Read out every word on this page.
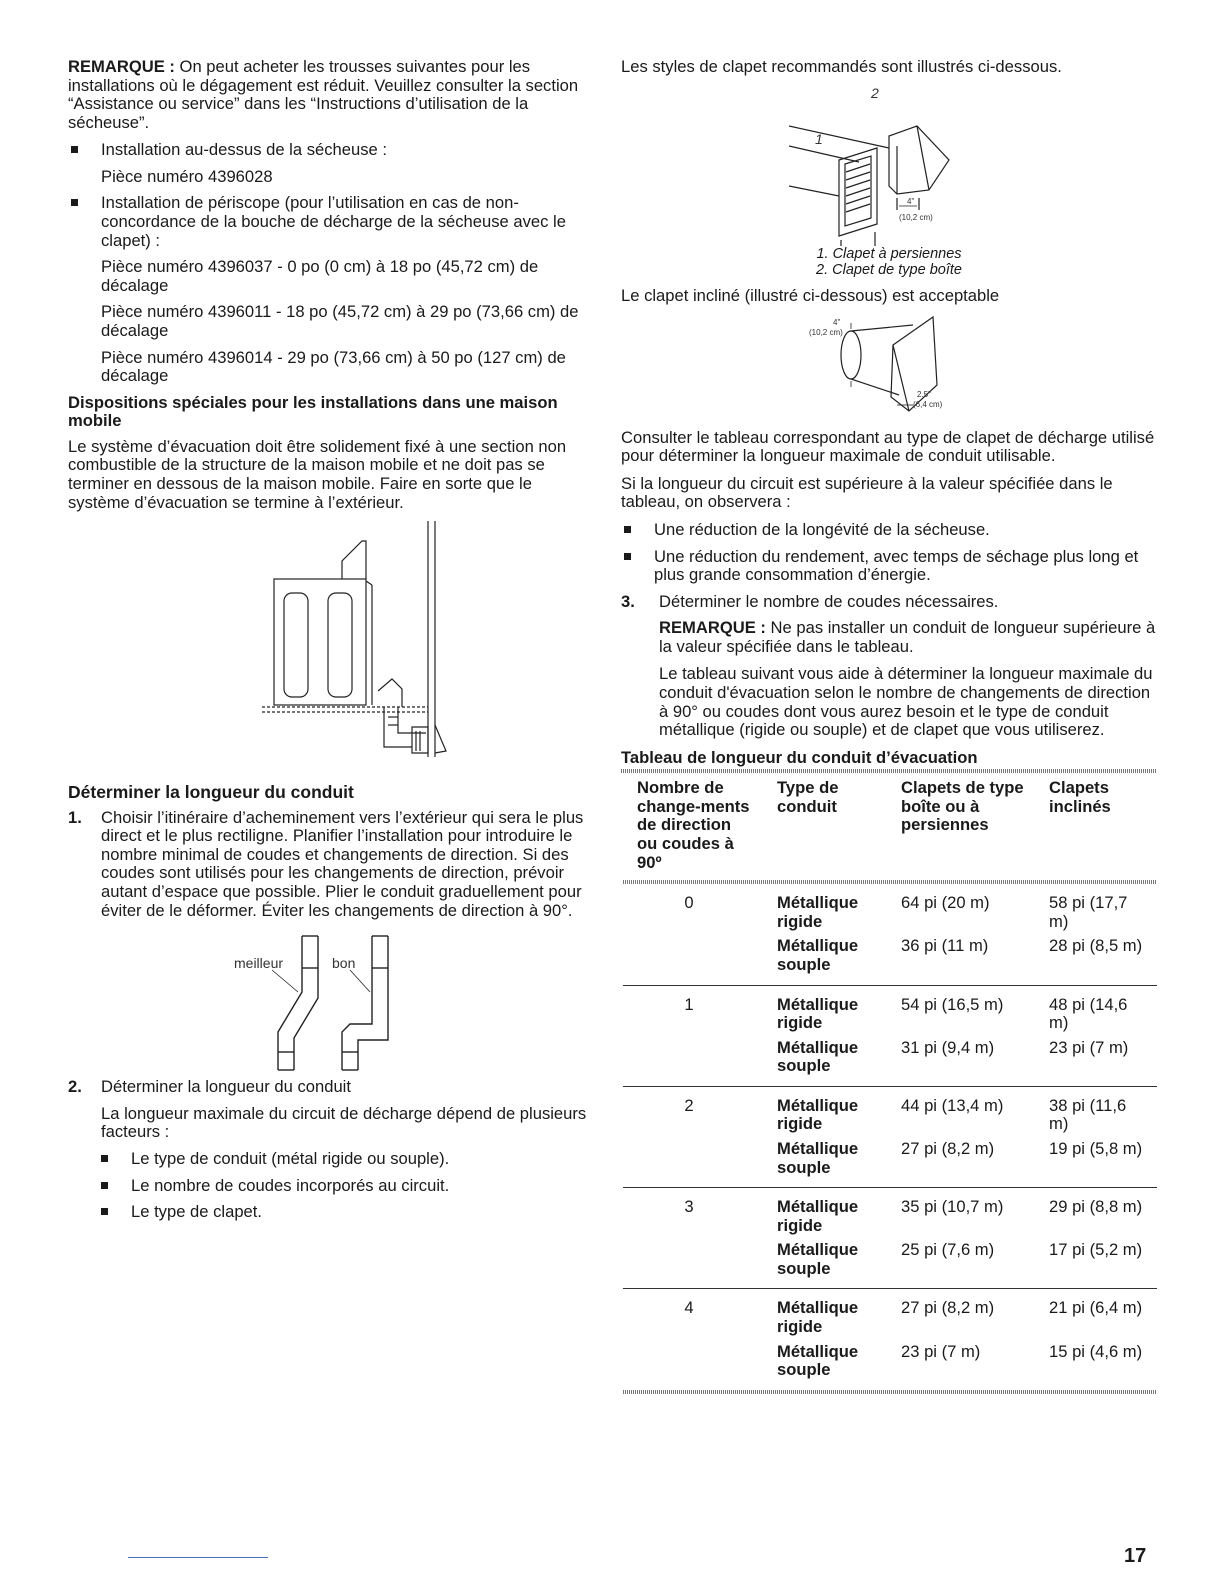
REMARQUE : On peut acheter les trousses suivantes pour les installations où le dégagement est réduit. Veuillez consulter la section “Assistance ou service” dans les “Instructions d’utilisation de la sécheuse”.

Installation au-dessus de la sécheuse :
Pièce numéro 4396028
Installation de périscope (pour l’utilisation en cas de non-concordance de la bouche de décharge de la sécheuse avec le clapet) :
Pièce numéro 4396037 - 0 po (0 cm) à 18 po (45,72 cm) de décalage
Pièce numéro 4396011 - 18 po (45,72 cm) à 29 po (73,66 cm) de décalage
Pièce numéro 4396014 - 29 po (73,66 cm) à 50 po (127 cm) de décalage
Dispositions spéciales pour les installations dans une maison mobile

Le système d’évacuation doit être solidement fixé à une section non combustible de la structure de la maison mobile et ne doit pas se terminer en dessous de la maison mobile. Faire en sorte que le système d’évacuation se termine à l’extérieur.

Déterminer la longueur du conduit
1. Choisir l’itinéraire d’acheminement vers l’extérieur qui sera le plus direct et le plus rectiligne. Planifier l’installation pour introduire le nombre minimal de coudes et changements de direction. Si des coudes sont utilisés pour les changements de direction, prévoir autant d’espace que possible. Plier le conduit graduellement pour éviter de le déformer. Éviter les changements de direction à 90°.
meilleur	bon
2. Déterminer la longueur du conduit
La longueur maximale du circuit de décharge dépend de plusieurs facteurs :
Le type de conduit (métal rigide ou souple).
Le nombre de coudes incorporés au circuit.
Le type de clapet.

Les styles de clapet recommandés sont illustrés ci-dessous.

1
2
4"
(10,2 cm)
1. Clapet à persiennes
2. Clapet de type boîte

Le clapet incliné (illustré ci-dessous) est acceptable

4"
(10,2 cm)
2.5"
(6,4 cm)

Consulter le tableau correspondant au type de clapet de décharge utilisé pour déterminer la longueur maximale de conduit utilisable.

Si la longueur du circuit est supérieure à la valeur spécifiée dans le tableau, on observera :

Une réduction de la longévité de la sécheuse.
Une réduction du rendement, avec temps de séchage plus long et plus grande consommation d’énergie.
3. Déterminer le nombre de coudes nécessaires.

REMARQUE : Ne pas installer un conduit de longueur supérieure à la valeur spécifiée dans le tableau.

Le tableau suivant vous aide à déterminer la longueur maximale du conduit d'évacuation selon le nombre de changements de direction à 90° ou coudes dont vous aurez besoin et le type de conduit métallique (rigide ou souple) et de clapet que vous utiliserez.

Tableau de longueur du conduit d’évacuation
Nombre de change-ments de direction ou coudes à 90º	Type de conduit	Clapets de type boîte ou à persiennes	Clapets inclinés

0	Métallique rigide	64 pi (20 m)	58 pi (17,7 m)
	Métallique souple	36 pi (11 m)	28 pi (8,5 m)

1	Métallique rigide	54 pi (16,5 m)	48 pi (14,6 m)
	Métallique souple	31 pi (9,4 m)	23 pi (7 m)

2	Métallique rigide	44 pi (13,4 m)	38 pi (11,6 m)
	Métallique souple	27 pi (8,2 m)	19 pi (5,8 m)

3	Métallique rigide	35 pi (10,7 m)	29 pi (8,8 m)
	Métallique souple	25 pi (7,6 m)	17 pi (5,2 m)

4	Métallique rigide	27 pi (8,2 m)	21 pi (6,4 m)
	Métallique souple	23 pi (7 m)	15 pi (4,6 m)

17
